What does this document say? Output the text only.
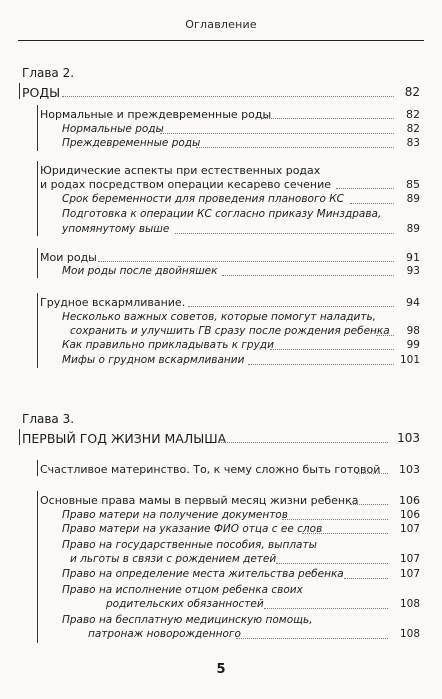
Оглавление
Глава 2.
РОДЫ	82
Нормальные и преждевременные роды	82
Нормальные роды	82
Преждевременные роды	83
Юридические аспекты при естественных родах
и родах посредством операции кесарево сечение	85
Срок беременности для проведения планового КС	89
Подготовка к операции КС согласно приказу Минздрава,
упомянутому выше	89
Мои роды	91
Мои роды после двойняшек	93
Грудное вскармливание.	94
Несколько важных советов, которые помогут наладить,
сохранить и улучшить ГВ сразу после рождения ребенка 98
Как правильно прикладывать к груди	99
Мифы о грудном вскармливании	101
Глава 3.
ПЕРВЫЙ ГОД ЖИЗНИ МАЛЫША	103
Счастливое материнство. То, к чему сложно быть готовой 103
Основные права мамы в первый месяц жизни ребенка	106
Право матери на получение документов	106
Право матери на указание ФИО отца с ее слов	107
Право на государственные пособия, выплаты
и льготы в связи с рождением детей	107
Право на определение места жительства ребенка	107
Право на исполнение отцом ребенка своих
родительских обязанностей	108
Право на бесплатную медицинскую помощь,
патронаж новорожденного	108
5
